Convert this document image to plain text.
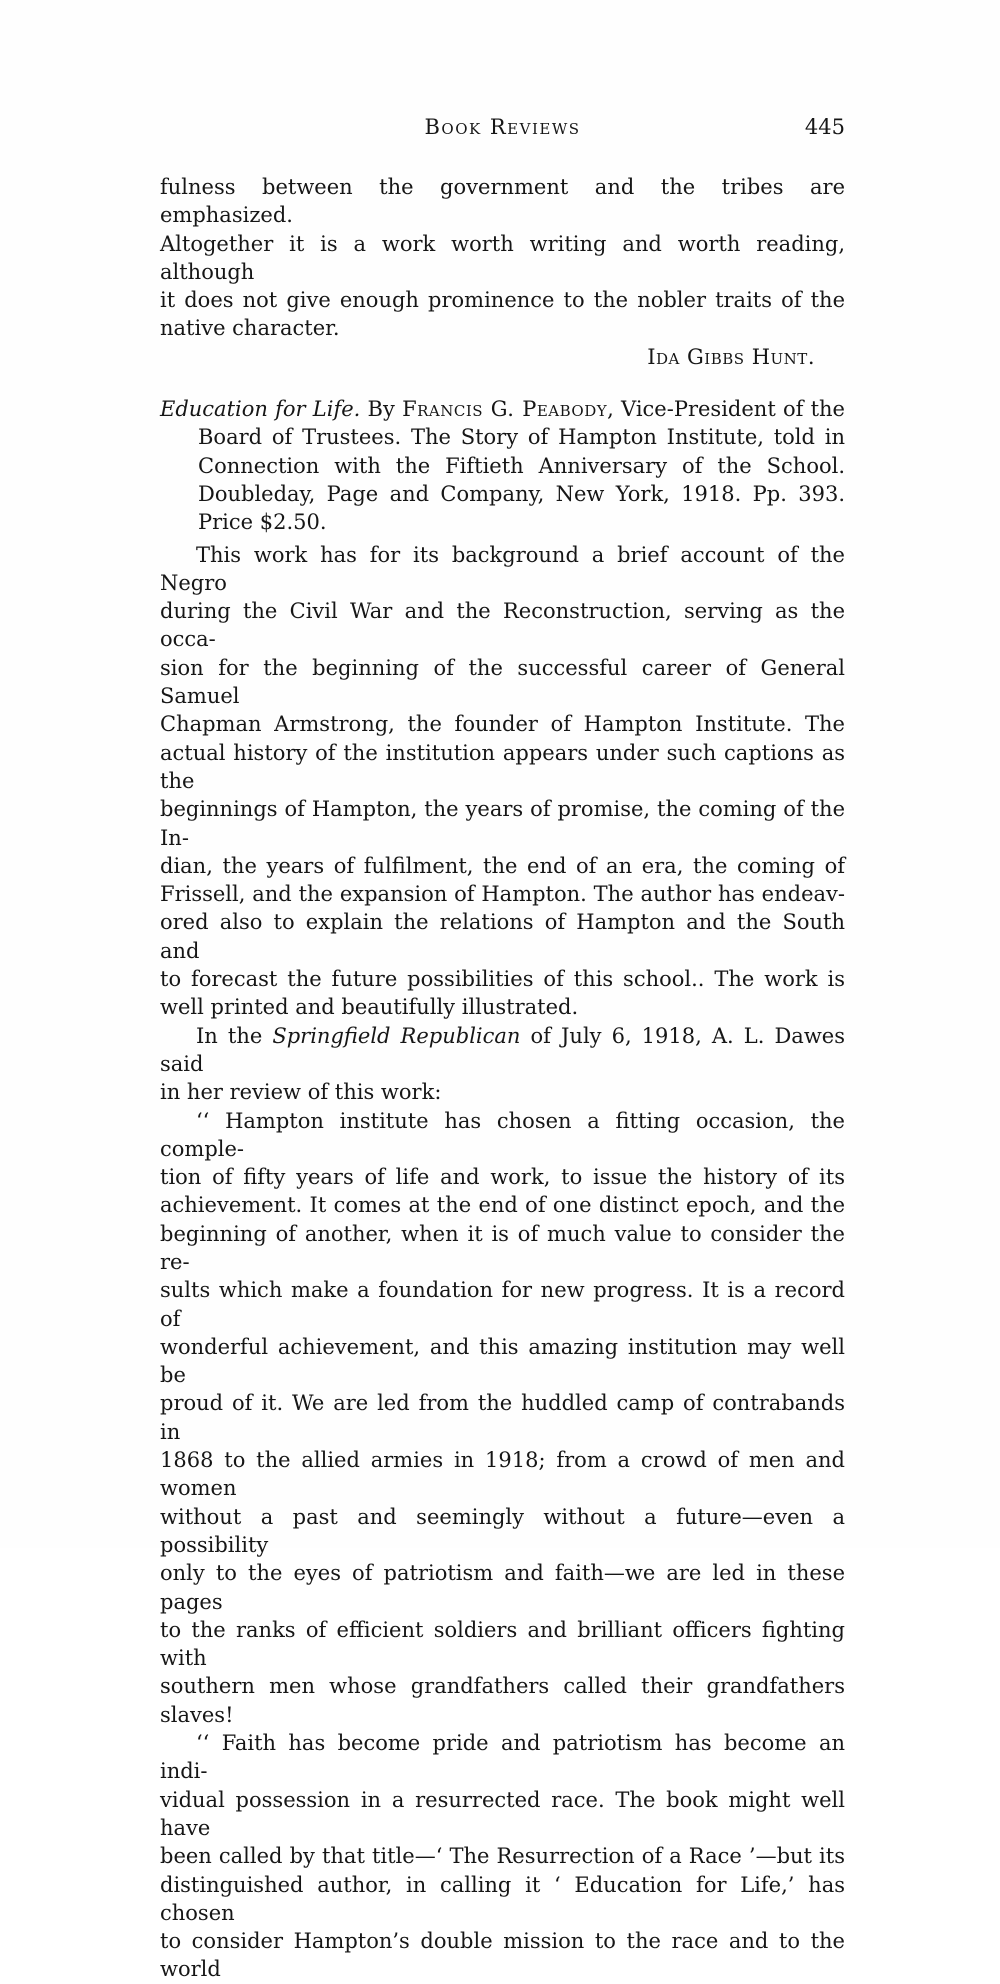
Book Reviews	445
fulness between the government and the tribes are emphasized.
Altogether it is a work worth writing and worth reading, although
it does not give enough prominence to the nobler traits of the
native character.
Ida Gibbs Hunt.
Education for Life. By Francis G. Peabody, Vice-President of the
Board of Trustees. The Story of Hampton Institute, told in
Connection with the Fiftieth Anniversary of the School.
Doubleday, Page and Company, New York, 1918. Pp. 393.
Price $2.50.
This work has for its background a brief account of the Negro
during the Civil War and the Reconstruction, serving as the occa-
sion for the beginning of the successful career of General Samuel
Chapman Armstrong, the founder of Hampton Institute. The
actual history of the institution appears under such captions as the
beginnings of Hampton, the years of promise, the coming of the In-
dian, the years of fulfilment, the end of an era, the coming of
Frissell, and the expansion of Hampton. The author has endeav-
ored also to explain the relations of Hampton and the South and
to forecast the future possibilities of this school.. The work is
well printed and beautifully illustrated.
In the Springfield Republican of July 6, 1918, A. L. Dawes said
in her review of this work:
‘‘ Hampton institute has chosen a fitting occasion, the comple-
tion of fifty years of life and work, to issue the history of its
achievement. It comes at the end of one distinct epoch, and the
beginning of another, when it is of much value to consider the re-
sults which make a foundation for new progress. It is a record of
wonderful achievement, and this amazing institution may well be
proud of it. We are led from the huddled camp of contrabands in
1868 to the allied armies in 1918; from a crowd of men and women
without a past and seemingly without a future—even a possibility
only to the eyes of patriotism and faith—we are led in these pages
to the ranks of efficient soldiers and brilliant officers fighting with
southern men whose grandfathers called their grandfathers slaves!
‘‘ Faith has become pride and patriotism has become an indi-
vidual possession in a resurrected race. The book might well have
been called by that title—‘ The Resurrection of a Race ’—but its
distinguished author, in calling it ‘ Education for Life,’ has chosen
to consider Hampton’s double mission to the race and to the world
